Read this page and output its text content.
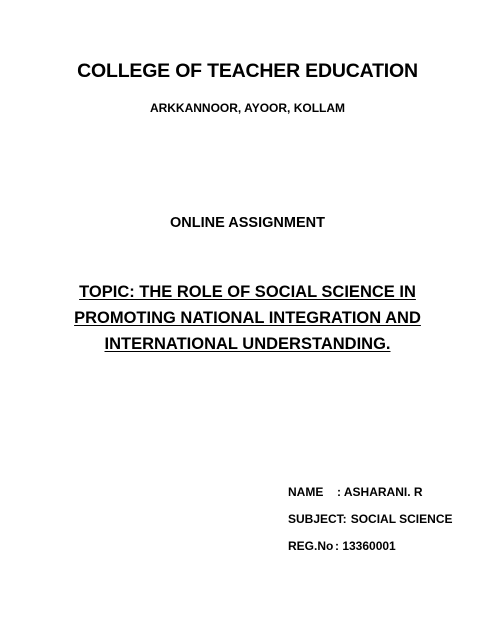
COLLEGE OF TEACHER EDUCATION
ARKKANNOOR, AYOOR, KOLLAM
ONLINE ASSIGNMENT
TOPIC: THE ROLE OF SOCIAL SCIENCE IN
PROMOTING NATIONAL INTEGRATION AND
INTERNATIONAL UNDERSTANDING.
NAME	: ASHARANI. R
SUBJECT: SOCIAL SCIENCE
REG.No : 13360001
